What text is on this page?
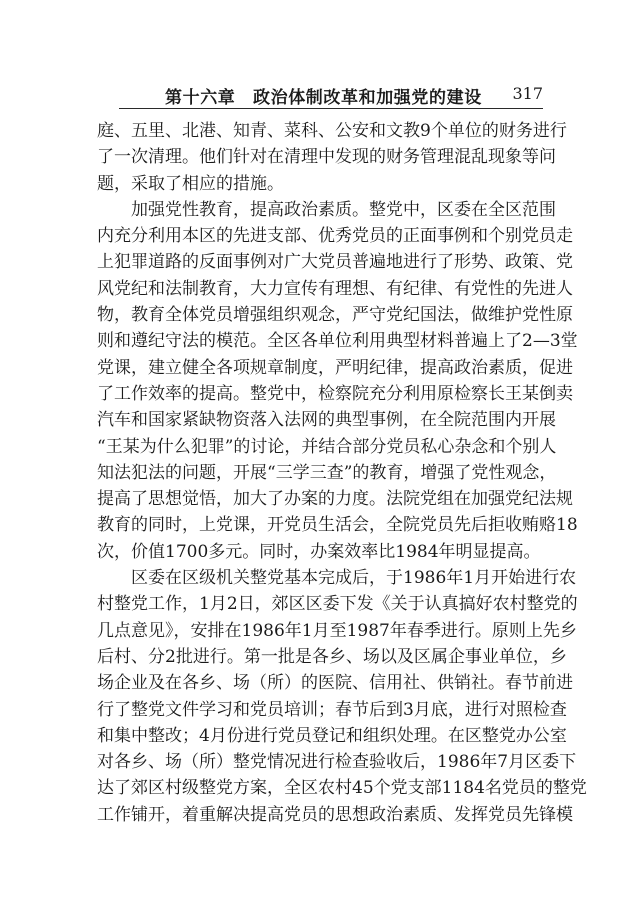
第十六章　政治体制改革和加强党的建设 317
庭、五里、北港、知青、菜科、公安和文教9个单位的财务进行
了一次清理。他们针对在清理中发现的财务管理混乱现象等问
题，采取了相应的措施。
加强党性教育，提高政治素质。整党中，区委在全区范围
内充分利用本区的先进支部、优秀党员的正面事例和个别党员走
上犯罪道路的反面事例对广大党员普遍地进行了形势、政策、党
风党纪和法制教育，大力宣传有理想、有纪律、有党性的先进人
物，教育全体党员增强组织观念，严守党纪国法，做维护党性原
则和遵纪守法的模范。全区各单位利用典型材料普遍上了2—3堂
党课，建立健全各项规章制度，严明纪律，提高政治素质，促进
了工作效率的提高。整党中，检察院充分利用原检察长王某倒卖
汽车和国家紧缺物资落入法网的典型事例，在全院范围内开展
“王某为什么犯罪”的讨论，并结合部分党员私心杂念和个别人
知法犯法的问题，开展“三学三查”的教育，增强了党性观念，
提高了思想觉悟，加大了办案的力度。法院党组在加强党纪法规
教育的同时，上党课，开党员生活会，全院党员先后拒收贿赂18
次，价值1700多元。同时，办案效率比1984年明显提高。
区委在区级机关整党基本完成后，于1986年1月开始进行农
村整党工作，1月2日，郊区区委下发《关于认真搞好农村整党的
几点意见》，安排在1986年1月至1987年春季进行。原则上先乡
后村、分2批进行。第一批是各乡、场以及区属企事业单位，乡
场企业及在各乡、场（所）的医院、信用社、供销社。春节前进
行了整党文件学习和党员培训；春节后到3月底，进行对照检查
和集中整改；4月份进行党员登记和组织处理。在区整党办公室
对各乡、场（所）整党情况进行检查验收后，1986年7月区委下
达了郊区村级整党方案，全区农村45个党支部1184名党员的整党
工作铺开，着重解决提高党员的思想政治素质、发挥党员先锋模
